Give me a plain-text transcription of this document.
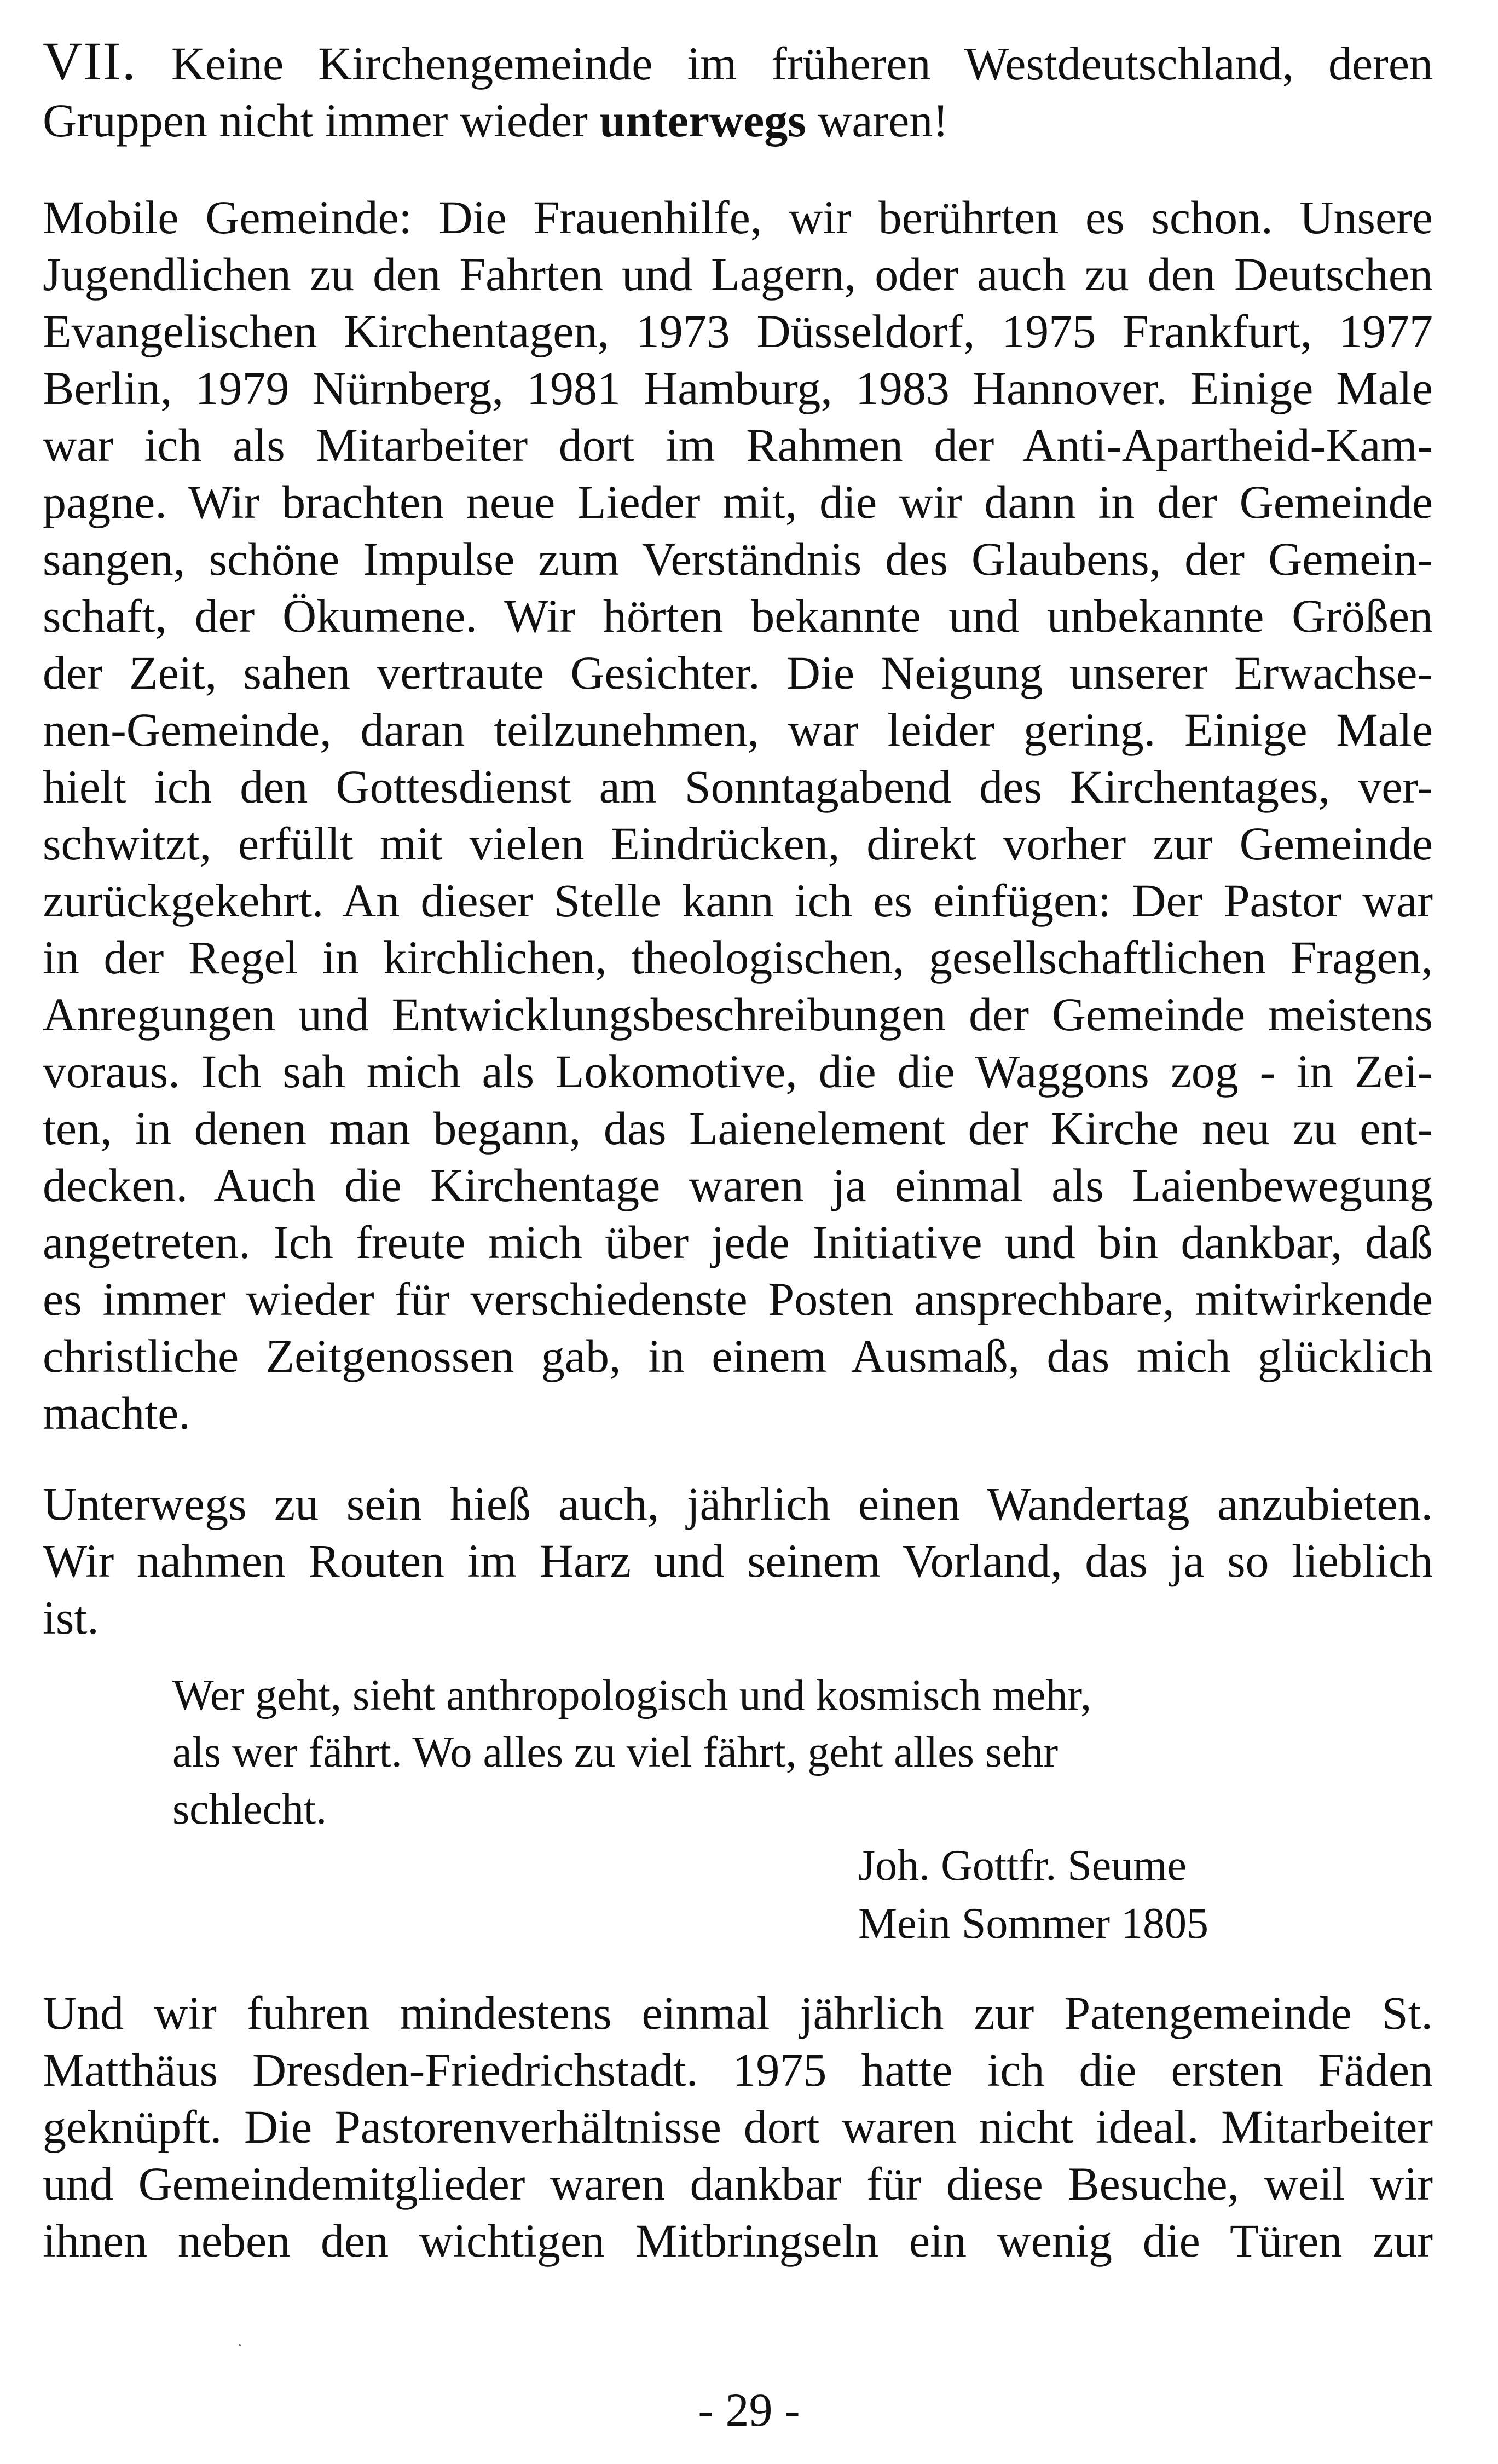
VII. Keine Kirchengemeinde im früheren Westdeutschland, deren
Gruppen nicht immer wieder unterwegs waren!
Mobile Gemeinde: Die Frauenhilfe, wir berührten es schon. Unsere
Jugendlichen zu den Fahrten und Lagern, oder auch zu den Deutschen
Evangelischen Kirchentagen, 1973 Düsseldorf, 1975 Frankfurt, 1977
Berlin, 1979 Nürnberg, 1981 Hamburg, 1983 Hannover. Einige Male
war ich als Mitarbeiter dort im Rahmen der Anti-Apartheid-Kam-
pagne. Wir brachten neue Lieder mit, die wir dann in der Gemeinde
sangen, schöne Impulse zum Verständnis des Glaubens, der Gemein-
schaft, der Ökumene. Wir hörten bekannte und unbekannte Größen
der Zeit, sahen vertraute Gesichter. Die Neigung unserer Erwachse-
nen-Gemeinde, daran teilzunehmen, war leider gering. Einige Male
hielt ich den Gottesdienst am Sonntagabend des Kirchentages, ver-
schwitzt, erfüllt mit vielen Eindrücken, direkt vorher zur Gemeinde
zurückgekehrt. An dieser Stelle kann ich es einfügen: Der Pastor war
in der Regel in kirchlichen, theologischen, gesellschaftlichen Fragen,
Anregungen und Entwicklungsbeschreibungen der Gemeinde meistens
voraus. Ich sah mich als Lokomotive, die die Waggons zog - in Zei-
ten, in denen man begann, das Laienelement der Kirche neu zu ent-
decken. Auch die Kirchentage waren ja einmal als Laienbewegung
angetreten. Ich freute mich über jede Initiative und bin dankbar, daß
es immer wieder für verschiedenste Posten ansprechbare, mitwirkende
christliche Zeitgenossen gab, in einem Ausmaß, das mich glücklich
machte.
Unterwegs zu sein hieß auch, jährlich einen Wandertag anzubieten.
Wir nahmen Routen im Harz und seinem Vorland, das ja so lieblich
ist.
Wer geht, sieht anthropologisch und kosmisch mehr,
als wer fährt. Wo alles zu viel fährt, geht alles sehr
schlecht.
Joh. Gottfr. Seume
Mein Sommer 1805
Und wir fuhren mindestens einmal jährlich zur Patengemeinde St.
Matthäus Dresden-Friedrichstadt. 1975 hatte ich die ersten Fäden
geknüpft. Die Pastorenverhältnisse dort waren nicht ideal. Mitarbeiter
und Gemeindemitglieder waren dankbar für diese Besuche, weil wir
ihnen neben den wichtigen Mitbringseln ein wenig die Türen zur
- 29 -
